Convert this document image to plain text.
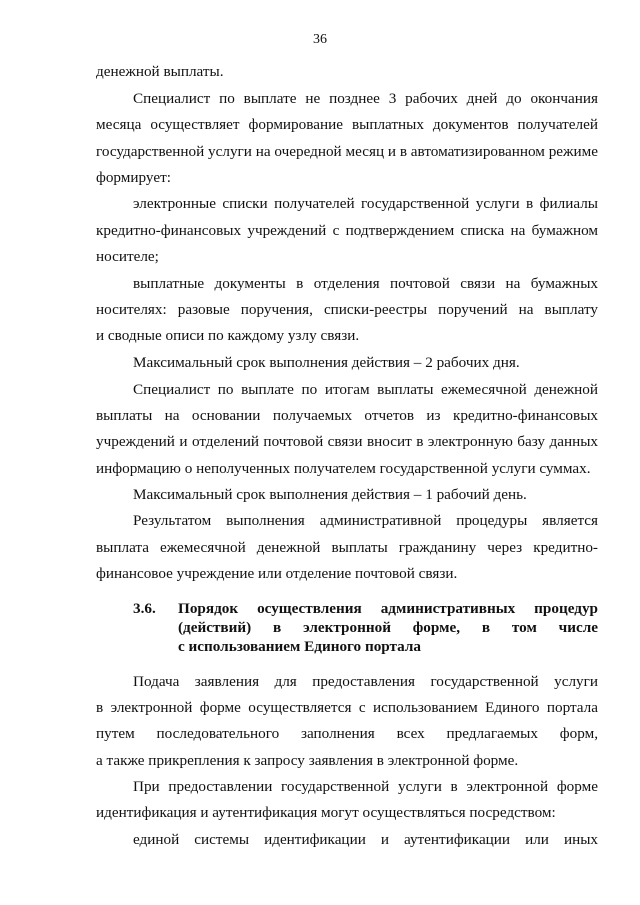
36
денежной выплаты.
Специалист по выплате не позднее 3 рабочих дней до окончания
месяца осуществляет формирование выплатных документов получателей
государственной услуги на очередной месяц и в автоматизированном режиме
формирует:
электронные списки получателей государственной услуги в филиалы
кредитно-финансовых учреждений с подтверждением списка на бумажном
носителе;
выплатные документы в отделения почтовой связи на бумажных
носителях: разовые поручения, списки-реестры поручений на выплату
и сводные описи по каждому узлу связи.
Максимальный срок выполнения действия – 2 рабочих дня.
Специалист по выплате по итогам выплаты ежемесячной денежной
выплаты на основании получаемых отчетов из кредитно-финансовых
учреждений и отделений почтовой связи вносит в электронную базу данных
информацию о неполученных получателем государственной услуги суммах.
Максимальный срок выполнения действия – 1 рабочий день.
Результатом выполнения административной процедуры является
выплата ежемесячной денежной выплаты гражданину через кредитно-
финансовое учреждение или отделение почтовой связи.
3.6. Порядок осуществления административных процедур
(действий) в электронной форме, в том числе
с использованием Единого портала
Подача заявления для предоставления государственной услуги
в электронной форме осуществляется с использованием Единого портала
путем последовательного заполнения всех предлагаемых форм,
а также прикрепления к запросу заявления в электронной форме.
При предоставлении государственной услуги в электронной форме
идентификация и аутентификация могут осуществляться посредством:
единой системы идентификации и аутентификации или иных
